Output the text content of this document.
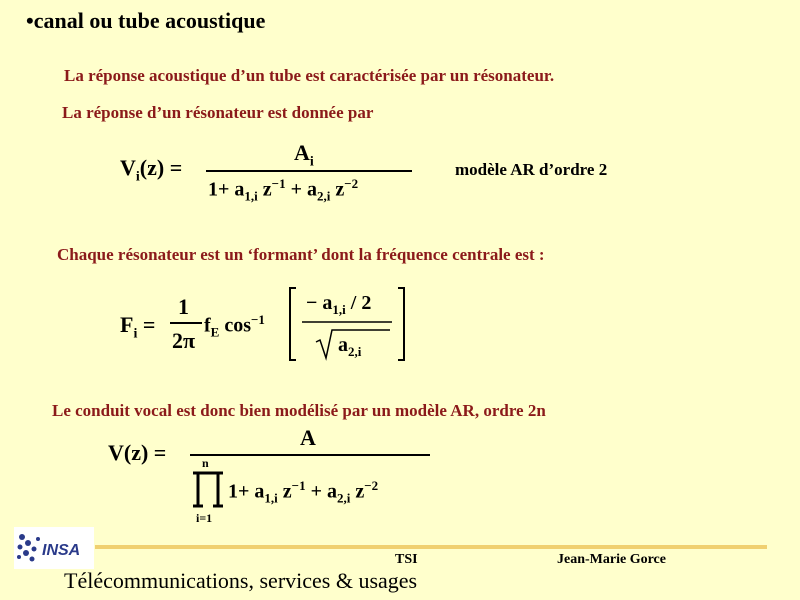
•canal ou tube acoustique
La réponse acoustique d’un tube est caractérisée par un résonateur.
La réponse d’un résonateur est donnée par
$V_i(z)$ =
$A_i$
$1+ a_{1,i}$ $z^{-1} + a_{2,i}$ $z^{-2}$
modèle AR d’ordre 2
Chaque résonateur est un ‘formant’ dont la fréquence centrale est :
$F_i$ =
1
2π
$f_E$ $\cos^{-1}$
− $a_{1,i} / 2$
$a_{2,i}$
Le conduit vocal est donc bien modélisé par un modèle AR, ordre 2n
V(z) =
A
n
i=1
$1+ a_{1,i}$ $z^{-1} + a_{2,i}$ $z^{-2}$
INSA
TSI	Jean-Marie Gorce
Télécommunications, services & usages
